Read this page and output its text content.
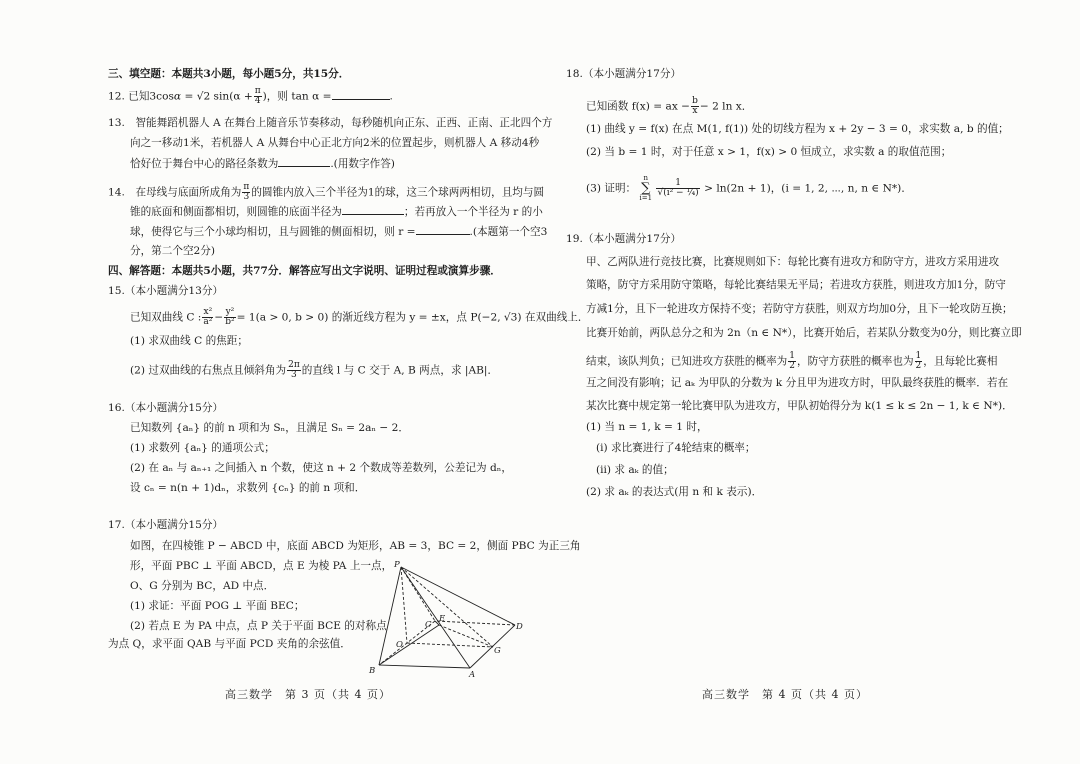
三、填空题：本题共3小题，每小题5分，共15分．
12. 已知3cosα = √2 $\sin(\alpha + \frac{\pi}{4}$ )，则 tan α =	.
13.　智能舞蹈机器人 A 在舞台上随音乐节奏移动，每秒随机向正东、正西、正南、正北四个方
向之一移动1米，若机器人 A 从舞台中心正北方向2米的位置起步，则机器人 A 移动4秒
恰好位于舞台中心的路径条数为	.(用数字作答)
14.　在母线与底面所成角为 $\frac{\pi}{3}$ 的圆锥内放入三个半径为1的球，这三个球两两相切，且均与圆
锥的底面和侧面都相切，则圆锥的底面半径为	；若再放入一个半径为 r 的小
球，使得它与三个小球均相切，且与圆锥的侧面相切，则 r =	.(本题第一个空3
分，第二个空2分)
四、解答题：本题共5小题，共77分．解答应写出文字说明、证明过程或演算步骤．
15.（本小题满分13分）
已知双曲线 C : $\frac{\text{x²}}{\text{a²}} - \frac{\text{y²}}{\text{b²}} = 1(a > 0$, b > 0) 的渐近线方程为 y = ±x，点 P(−2, √3) 在双曲线上．
(1) 求双曲线 C 的焦距；
(2) 过双曲线的右焦点且倾斜角为 $\frac{2\pi}{3}$ 的直线 l 与 C 交于 A, B 两点，求 |AB|．
16.（本小题满分15分）
已知数列 {aₙ} 的前 n 项和为 Sₙ，且满足 Sₙ = 2aₙ − 2．
(1) 求数列 {aₙ} 的通项公式；
(2) 在 aₙ 与 aₙ₊₁ 之间插入 n 个数，使这 n + 2 个数成等差数列，公差记为 dₙ，
设 cₙ = n(n + 1)dₙ，求数列 {cₙ} 的前 n 项和．
17.（本小题满分15分）
如图，在四棱锥 P − ABCD 中，底面 ABCD 为矩形，AB = 3，BC = 2，侧面 PBC 为正三角
形，平面 PBC ⊥ 平面 ABCD，点 E 为棱 PA 上一点，
O、G 分别为 BC，AD 中点．
(1) 求证：平面 POG ⊥ 平面 BEC；
(2) 若点 E 为 PA 中点，点 P 关于平面 BCE 的对称点
为点 Q，求平面 QAB 与平面 PCD 夹角的余弦值．
P
E
C	D
O
G
B	A
高三数学　第 3 页（共 4 页）
18.（本小题满分17分）
已知函数 f(x) = ax − $\frac{b}{x} - 2$ ln x．
(1) 曲线 y = f(x) 在点 M(1, f(1)) 处的切线方程为 x + 2y − 3 = 0，求实数 a, b 的值；
(2) 当 b = 1 时，对于任意 x > 1，f(x) > 0 恒成立，求实数 a 的取值范围；
(3) 证明：
n
∑
i=1
$\frac{1}{\text{√(i² − ¼)}} > \ln(2n + 1)$，(i = 1, 2, ⋯, n, n ∈ N*)．
19.（本小题满分17分）
甲、乙两队进行竞技比赛，比赛规则如下：每轮比赛有进攻方和防守方，进攻方采用进攻
策略，防守方采用防守策略，每轮比赛结果无平局；若进攻方获胜，则进攻方加1分，防守
方减1分，且下一轮进攻方保持不变；若防守方获胜，则双方均加0分，且下一轮攻防互换；
比赛开始前，两队总分之和为 2n（n ∈ N*），比赛开始后，若某队分数变为0分，则比赛立即
结束，该队判负；已知进攻方获胜的概率为 $\frac{1}{2}$ ，防守方获胜的概率也为 $\frac{1}{2}$ ，且每轮比赛相
互之间没有影响；记 aₖ 为甲队的分数为 k 分且甲为进攻方时，甲队最终获胜的概率．若在
某次比赛中规定第一轮比赛甲队为进攻方，甲队初始得分为 k(1 ≤ k ≤ 2n − 1, k ∈ N*)．
(1) 当 n = 1, k = 1 时，
(i) 求比赛进行了4轮结束的概率；
(ii) 求 aₖ 的值；
(2) 求 aₖ 的表达式(用 n 和 k 表示)．
高三数学　第 4 页（共 4 页）
